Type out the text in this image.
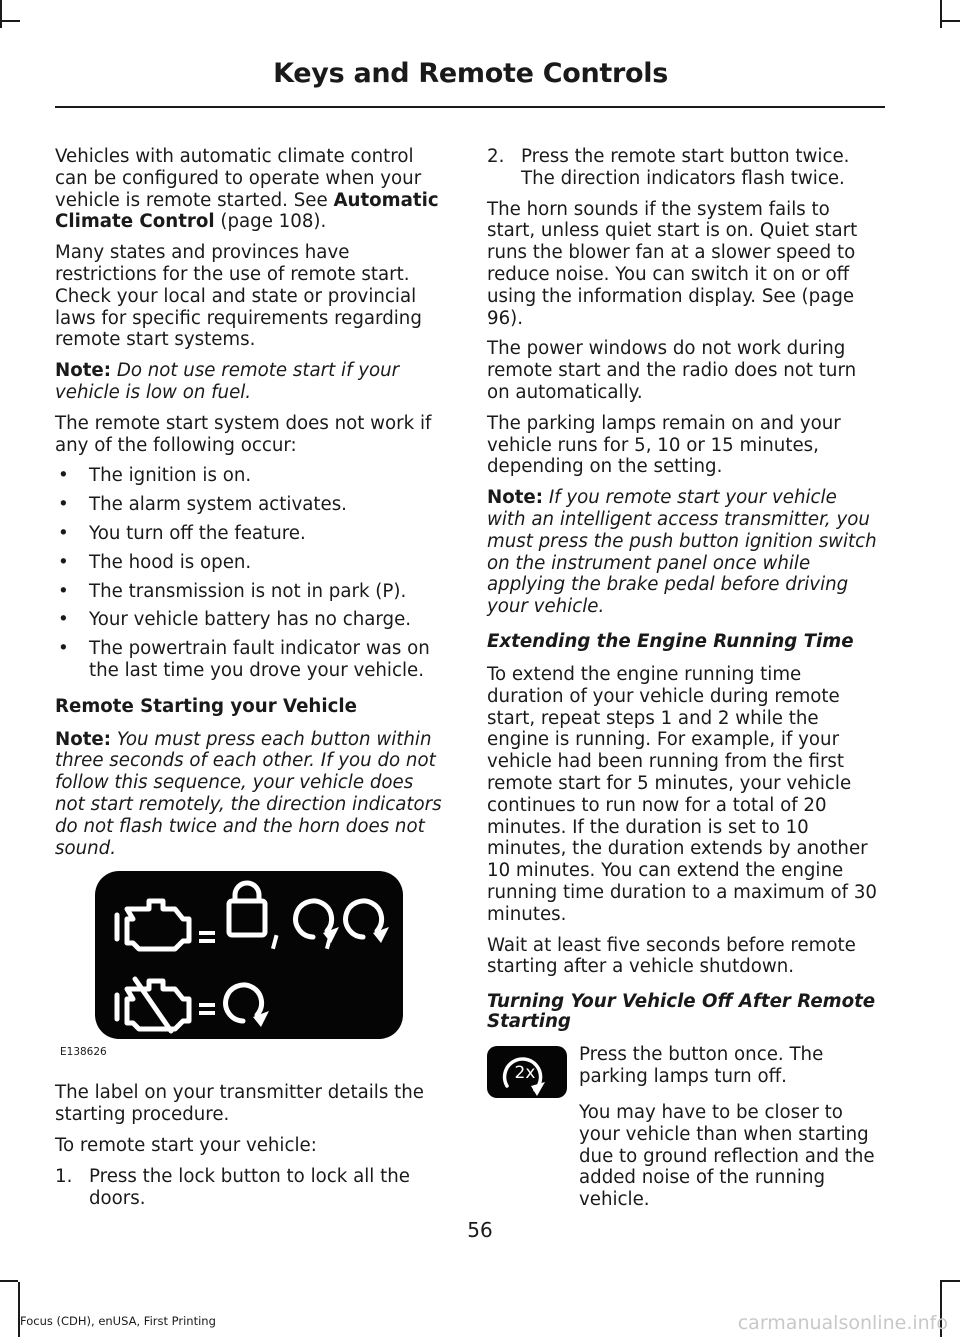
Keys and Remote Controls

Vehicles with automatic climate control can be configured to operate when your vehicle is remote started. See Automatic Climate Control (page 108).

Many states and provinces have restrictions for the use of remote start. Check your local and state or provincial laws for specific requirements regarding remote start systems.

Note: Do not use remote start if your vehicle is low on fuel.

The remote start system does not work if any of the following occur:

• The ignition is on.
• The alarm system activates.
• You turn off the feature.
• The hood is open.
• The transmission is not in park (P).
• Your vehicle battery has no charge.
• The powertrain fault indicator was on the last time you drove your vehicle.
Remote Starting your Vehicle

Note: You must press each button within three seconds of each other. If you do not follow this sequence, your vehicle does not start remotely, the direction indicators do not flash twice and the horn does not sound.

E138626

The label on your transmitter details the starting procedure.

To remote start your vehicle:

1. Press the lock button to lock all the doors.
2. Press the remote start button twice. The direction indicators flash twice.

The horn sounds if the system fails to start, unless quiet start is on. Quiet start runs the blower fan at a slower speed to reduce noise. You can switch it on or off using the information display. See (page 96).

The power windows do not work during remote start and the radio does not turn on automatically.

The parking lamps remain on and your vehicle runs for 5, 10 or 15 minutes, depending on the setting.

Note: If you remote start your vehicle with an intelligent access transmitter, you must press the push button ignition switch on the instrument panel once while applying the brake pedal before driving your vehicle.

Extending the Engine Running Time

To extend the engine running time duration of your vehicle during remote start, repeat steps 1 and 2 while the engine is running. For example, if your vehicle had been running from the first remote start for 5 minutes, your vehicle continues to run now for a total of 20 minutes. If the duration is set to 10 minutes, the duration extends by another 10 minutes. You can extend the engine running time duration to a maximum of 30 minutes.

Wait at least five seconds before remote starting after a vehicle shutdown.

Turning Your Vehicle Off After Remote Starting
2x

Press the button once. The parking lamps turn off.

You may have to be closer to your vehicle than when starting due to ground reflection and the added noise of the running vehicle.

56
Focus (CDH), enUSA, First Printing	carmanualsonline.info
